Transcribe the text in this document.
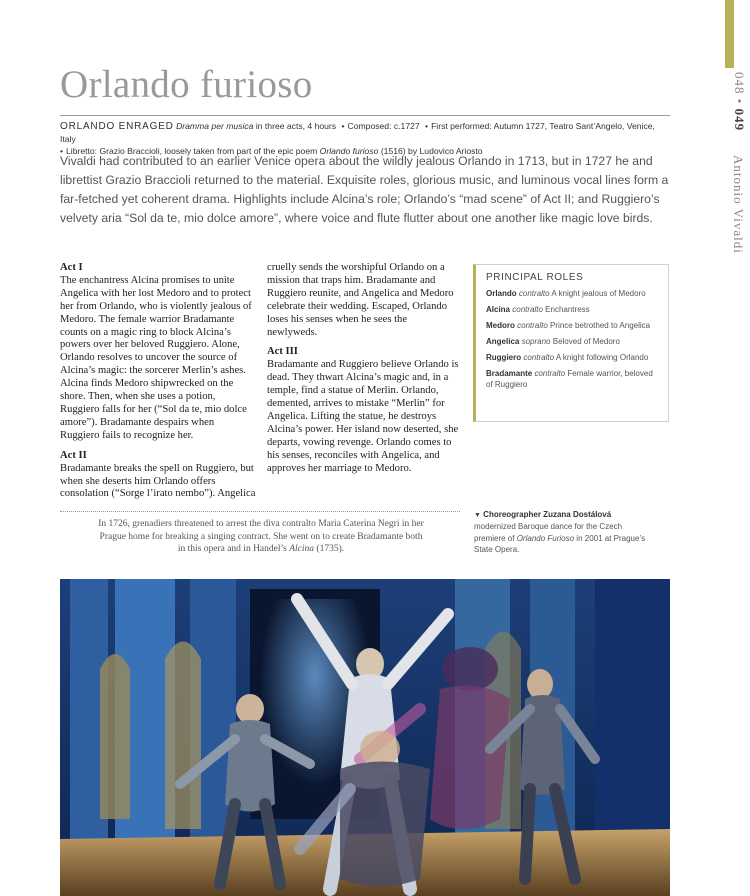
048 • 049
Antonio Vivaldi
Orlando furioso
ORLANDO ENRAGED Dramma per musica in three acts, 4 hours • Composed: c.1727 • First performed: Autumn 1727, Teatro Sant’Angelo, Venice, Italy
• Libretto: Grazio Braccioli, loosely taken from part of the epic poem Orlando furioso (1516) by Ludovico Ariosto

Vivaldi had contributed to an earlier Venice opera about the wildly jealous Orlando in 1713, but in 1727 he and librettist Grazio Braccioli returned to the material. Exquisite roles, glorious music, and luminous vocal lines form a far-fetched yet coherent drama. Highlights include Alcina’s role; Orlando’s “mad scene” of Act II; and Ruggiero’s velvety aria “Sol da te, mio dolce amore”, where voice and flute flutter about one another like magic love birds.

Act I

The enchantress Alcina promises to unite Angelica with her lost Medoro and to protect her from Orlando, who is violently jealous of Medoro. The female warrior Bradamante counts on a magic ring to block Alcina’s powers over her beloved Ruggiero. Alone, Orlando resolves to uncover the source of Alcina’s magic: the sorcerer Merlin’s ashes. Alcina finds Medoro shipwrecked on the shore. Then, when she uses a potion, Ruggiero falls for her (“Sol da te, mio dolce amore”). Bradamante despairs when Ruggiero fails to recognize her.

Act II

Bradamante breaks the spell on Ruggiero, but when she deserts him Orlando offers consolation (“Sorge l’irato nembo”). Angelica

cruelly sends the worshipful Orlando on a mission that traps him. Bradamante and Ruggiero reunite, and Angelica and Medoro celebrate their wedding. Escaped, Orlando loses his senses when he sees the newlyweds.

Act III

Bradamante and Ruggiero believe Orlando is dead. They thwart Alcina’s magic and, in a temple, find a statue of Merlin. Orlando, demented, arrives to mistake “Merlin” for Angelica. Lifting the statue, he destroys Alcina’s power. Her island now deserted, she departs, vowing revenge. Orlando comes to his senses, reconciles with Angelica, and approves her marriage to Medoro.

PRINCIPAL ROLES
Orlando contralto A knight jealous of Medoro
Alcina contralto Enchantress
Medoro contralto Prince betrothed to Angelica
Angelica soprano Beloved of Medoro
Ruggiero contralto A knight following Orlando
Bradamante contralto Female warrior, beloved of Ruggiero
In 1726, grenadiers threatened to arrest the diva contralto Maria Caterina Negri in her Prague home for breaking a singing contract. She went on to create Bradamante both in this opera and in Handel’s Alcina (1735).
▼ Choreographer Zuzana Dostálová modernized Baroque dance for the Czech premiere of Orlando Furioso in 2001 at Prague’s State Opera.
